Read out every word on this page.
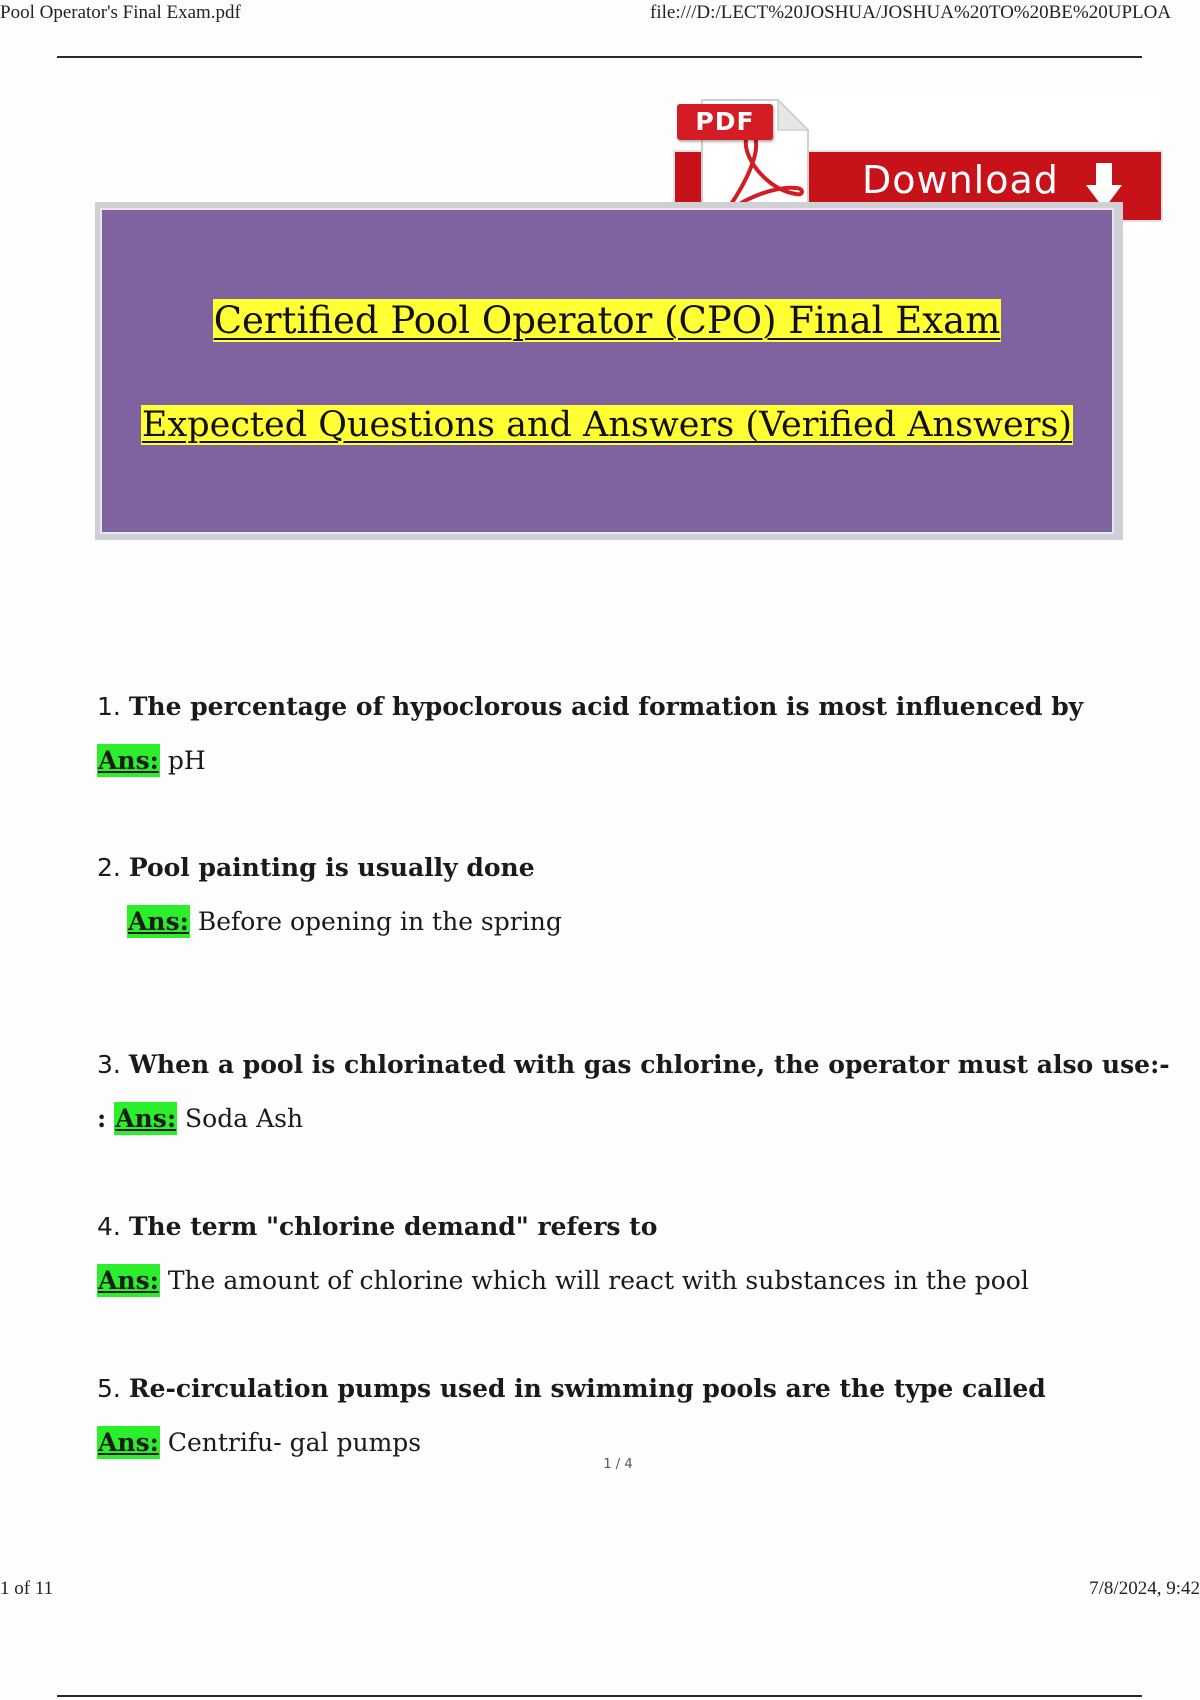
Pool Operator's Final Exam.pdf	file:///D:/LECT%20JOSHUA/JOSHUA%20TO%20BE%20UPLOA
PDF
Download
Certified Pool Operator (CPO) Final Exam
Expected Questions and Answers (Verified Answers)
1. The percentage of hypoclorous acid formation is most influenced by
Ans: pH
2. Pool painting is usually done
Ans: Before opening in the spring
3. When a pool is chlorinated with gas chlorine, the operator must also use:-
: Ans: Soda Ash
4. The term "chlorine demand" refers to
Ans: The amount of chlorine which will react with substances in the pool
5. Re-circulation pumps used in swimming pools are the type called
Ans: Centrifu- gal pumps
1 / 4
1 of 11	7/8/2024, 9:42
